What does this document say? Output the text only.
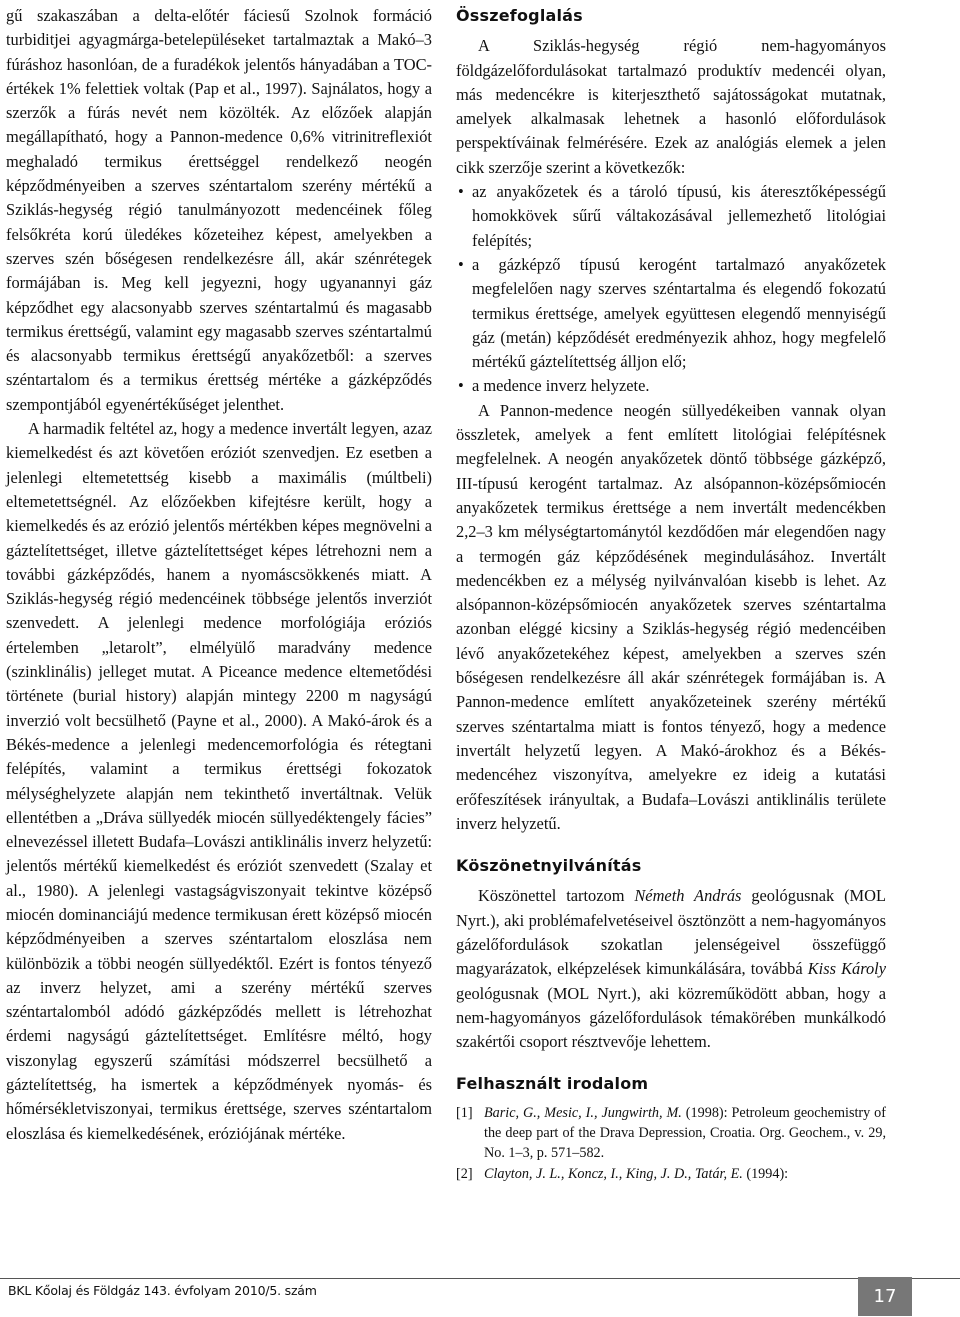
gű szakaszában a delta-előtér fáciesű Szolnok formáció turbiditjei agyagmárga-betelepüléseket tartalmaztak a Makó–3 fúráshoz hasonlóan, de a furadékok jelentős hányadában a TOC-értékek 1% felettiek voltak (Pap et al., 1997). Sajnálatos, hogy a szerzők a fúrás nevét nem közölték. Az előzőek alapján megállapítható, hogy a Pannon-medence 0,6% vitrinitreflexiót meghaladó termikus érettséggel rendelkező neogén képződményeiben a szerves széntartalom szerény mértékű a Sziklás-hegység régió tanulmányozott medencéinek főleg felsőkréta korú üledékes kőzeteihez képest, amelyekben a szerves szén bőségesen rendelkezésre áll, akár szénrétegek formájában is. Meg kell jegyezni, hogy ugyanannyi gáz képződhet egy alacsonyabb szerves széntartalmú és magasabb termikus érettségű, valamint egy magasabb szerves széntartalmú és alacsonyabb termikus érettségű anyakőzetből: a szerves széntartalom és a termikus érettség mértéke a gázképződés szempontjából egyenértékűséget jelenthet.

A harmadik feltétel az, hogy a medence invertált legyen, azaz kiemelkedést és azt követően eróziót szenvedjen. Ez esetben a jelenlegi eltemetettség kisebb a maximális (múltbeli) eltemetettségnél. Az előzőekben kifejtésre került, hogy a kiemelkedés és az erózió jelentős mértékben képes megnövelni a gáztelítettséget, illetve gáztelítettséget képes létrehozni nem a további gázképződés, hanem a nyomáscsökkenés miatt. A Sziklás-hegység régió medencéinek többsége jelentős inverziót szenvedett. A jelenlegi medence morfológiája eróziós értelemben „letarolt”, elmélyülő maradvány medence (szinklinális) jelleget mutat. A Piceance medence eltemetődési története (burial history) alapján mintegy 2200 m nagyságú inverzió volt becsülhető (Payne et al., 2000). A Makó-árok és a Békés-medence a jelenlegi medencemorfológia és rétegtani felépítés, valamint a termikus érettségi fokozatok mélységhelyzete alapján nem tekinthető invertáltnak. Velük ellentétben a „Dráva süllyedék miocén süllyedéktengely fácies” elnevezéssel illetett Budafa–Lovászi antiklinális inverz helyzetű: jelentős mértékű kiemelkedést és eróziót szenvedett (Szalay et al., 1980). A jelenlegi vastagságviszonyait tekintve középső miocén dominanciájú medence termikusan érett középső miocén képződményeiben a szerves széntartalom eloszlása nem különbözik a többi neogén süllyedéktől. Ezért is fontos tényező az inverz helyzet, ami a szerény mértékű szerves széntartalomból adódó gázképződés mellett is létrehozhat érdemi nagyságú gáztelítettséget. Említésre méltó, hogy viszonylag egyszerű számítási módszerrel becsülhető a gáztelítettség, ha ismertek a képződmények nyomás- és hőmérsékletviszonyai, termikus érettsége, szerves széntartalom eloszlása és kiemelkedésének, eróziójának mértéke.

Összefoglalás

A Sziklás-hegység régió nem-hagyományos földgázelőfordulásokat tartalmazó produktív medencéi olyan, más medencékre is kiterjeszthető sajátosságokat mutatnak, amelyek alkalmasak lehetnek a hasonló előfordulások perspektíváinak felmérésére. Ezek az analógiás elemek a jelen cikk szerzője szerint a következők:

• az anyakőzetek és a tároló típusú, kis áteresztőképességű homokkövek sűrű váltakozásával jellemezhető litológiai felépítés;
• a gázképző típusú kerogént tartalmazó anyakőzetek megfelelően nagy szerves széntartalma és elegendő fokozatú termikus érettsége, amelyek együttesen elegendő mennyiségű gáz (metán) képződését eredményezik ahhoz, hogy megfelelő mértékű gáztelítettség álljon elő;
• a medence inverz helyzete.

A Pannon-medence neogén süllyedékeiben vannak olyan összletek, amelyek a fent említett litológiai felépítésnek megfelelnek. A neogén anyakőzetek döntő többsége gázképző, III-típusú kerogént tartalmaz. Az alsópannon-középsőmiocén anyakőzetek termikus érettsége a nem invertált medencékben 2,2–3 km mélységtartománytól kezdődően már elegendően nagy a termogén gáz képződésének megindulásához. Invertált medencékben ez a mélység nyilvánvalóan kisebb is lehet. Az alsópannon-középsőmiocén anyakőzetek szerves széntartalma azonban eléggé kicsiny a Sziklás-hegység régió medencéiben lévő anyakőzetekéhez képest, amelyekben a szerves szén bőségesen rendelkezésre áll akár szénrétegek formájában is. A Pannon-medence említett anyakőzeteinek szerény mértékű szerves széntartalma miatt is fontos tényező, hogy a medence invertált helyzetű legyen. A Makó-árokhoz és a Békés-medencéhez viszonyítva, amelyekre ez ideig a kutatási erőfeszítések irányultak, a Budafa–Lovászi antiklinális területe inverz helyzetű.

Köszönetnyilvánítás

Köszönettel tartozom Németh András geológusnak (MOL Nyrt.), aki problémafelvetéseivel ösztönzött a nem-hagyományos gázelőfordulások szokatlan jelenségeivel összefüggő magyarázatok, elképzelések kimunkálására, továbbá Kiss Károly geológusnak (MOL Nyrt.), aki közreműködött abban, hogy a nem-hagyományos gázelőfordulások témakörében munkálkodó szakértői csoport résztvevője lehettem.

Felhasznált irodalom
[1] Baric, G., Mesic, I., Jungwirth, M. (1998): Petroleum geochemistry of the deep part of the Drava Depression, Croatia. Org. Geochem., v. 29, No. 1–3, p. 571–582.
[2] Clayton, J. L., Koncz, I., King, J. D., Tatár, E. (1994):
BKL Kőolaj és Földgáz 143. évfolyam 2010/5. szám	17
